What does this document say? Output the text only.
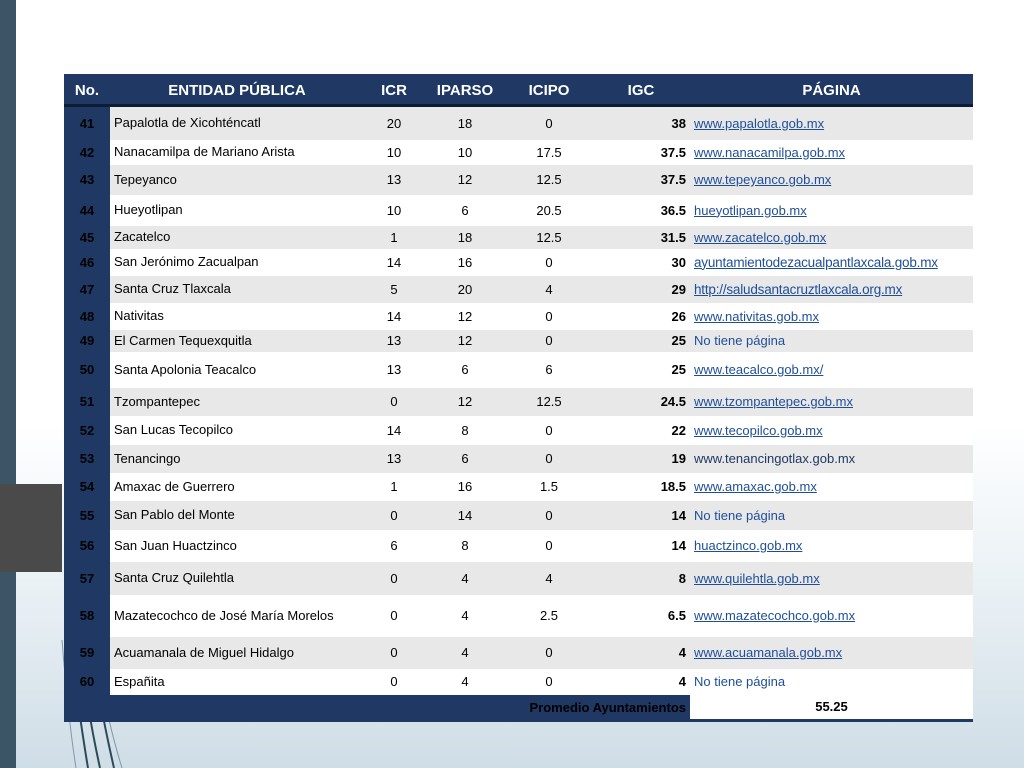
No.	ENTIDAD PÚBLICA	ICR	IPARSO	ICIPO	IGC	PÁGINA
41	Papalotla de Xicohténcatl	20	18	0	38	www.papalotla.gob.mx
42	Nanacamilpa de Mariano Arista	10	10	17.5	37.5	www.nanacamilpa.gob.mx
43	Tepeyanco	13	12	12.5	37.5	www.tepeyanco.gob.mx
44	Hueyotlipan	10	6	20.5	36.5	hueyotlipan.gob.mx
45	Zacatelco	1	18	12.5	31.5	www.zacatelco.gob.mx
46	San Jerónimo Zacualpan	14	16	0	30	ayuntamientodezacualpantlaxcala.gob.mx
47	Santa Cruz Tlaxcala	5	20	4	29	http://saludsantacruztlaxcala.org.mx
48	Nativitas	14	12	0	26	www.nativitas.gob.mx
49	El Carmen Tequexquitla	13	12	0	25	No tiene página
50	Santa Apolonia Teacalco	13	6	6	25	www.teacalco.gob.mx/
51	Tzompantepec	0	12	12.5	24.5	www.tzompantepec.gob.mx
52	San Lucas Tecopilco	14	8	0	22	www.tecopilco.gob.mx
53	Tenancingo	13	6	0	19	www.tenancingotlax.gob.mx
54	Amaxac de Guerrero	1	16	1.5	18.5	www.amaxac.gob.mx
55	San Pablo del Monte	0	14	0	14	No tiene página
56	San Juan Huactzinco	6	8	0	14	huactzinco.gob.mx
57	Santa Cruz Quilehtla	0	4	4	8	www.quilehtla.gob.mx
58	Mazatecochco de José María Morelos	0	4	2.5	6.5	www.mazatecochco.gob.mx
59	Acuamanala de Miguel Hidalgo	0	4	0	4	www.acuamanala.gob.mx
60	Españita	0	4	0	4	No tiene página
Promedio Ayuntamientos						55.25
